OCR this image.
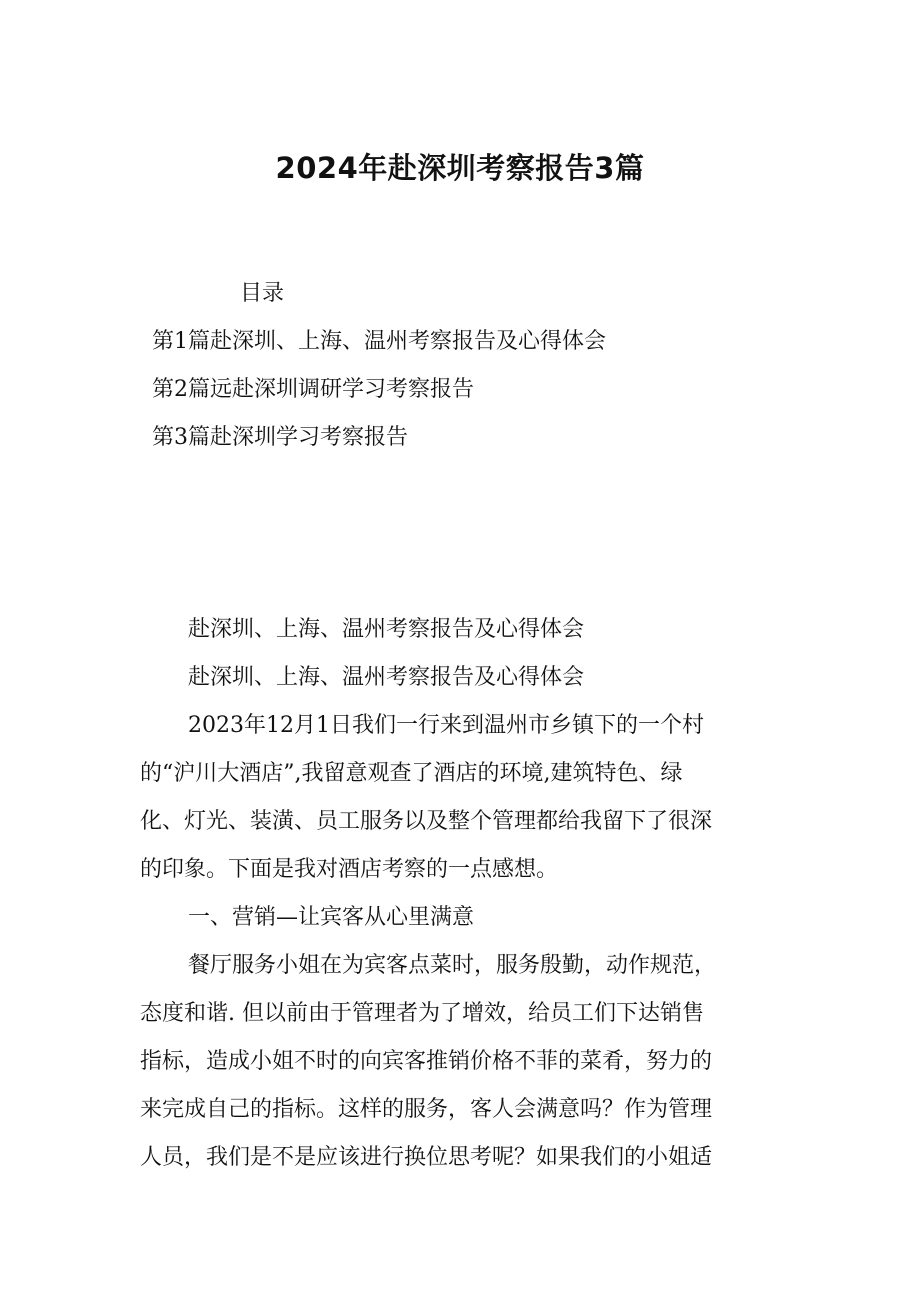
2024年赴深圳考察报告3篇
目录
第1篇赴深圳、上海、温州考察报告及心得体会
第2篇远赴深圳调研学习考察报告
第3篇赴深圳学习考察报告
赴深圳、上海、温州考察报告及心得体会
赴深圳、上海、温州考察报告及心得体会
2023年12月1日我们一行来到温州市乡镇下的一个村
的“沪川大酒店”,我留意观查了酒店的环境,建筑特色、绿
化、灯光、装潢、员工服务以及整个管理都给我留下了很深
的印象。下面是我对酒店考察的一点感想。
一、营销—让宾客从心里满意
餐厅服务小姐在为宾客点菜时，服务殷勤，动作规范，
态度和谐. 但以前由于管理者为了增效，给员工们下达销售
指标，造成小姐不时的向宾客推销价格不菲的菜肴，努力的
来完成自己的指标。这样的服务，客人会满意吗？作为管理
人员，我们是不是应该进行换位思考呢？如果我们的小姐适
